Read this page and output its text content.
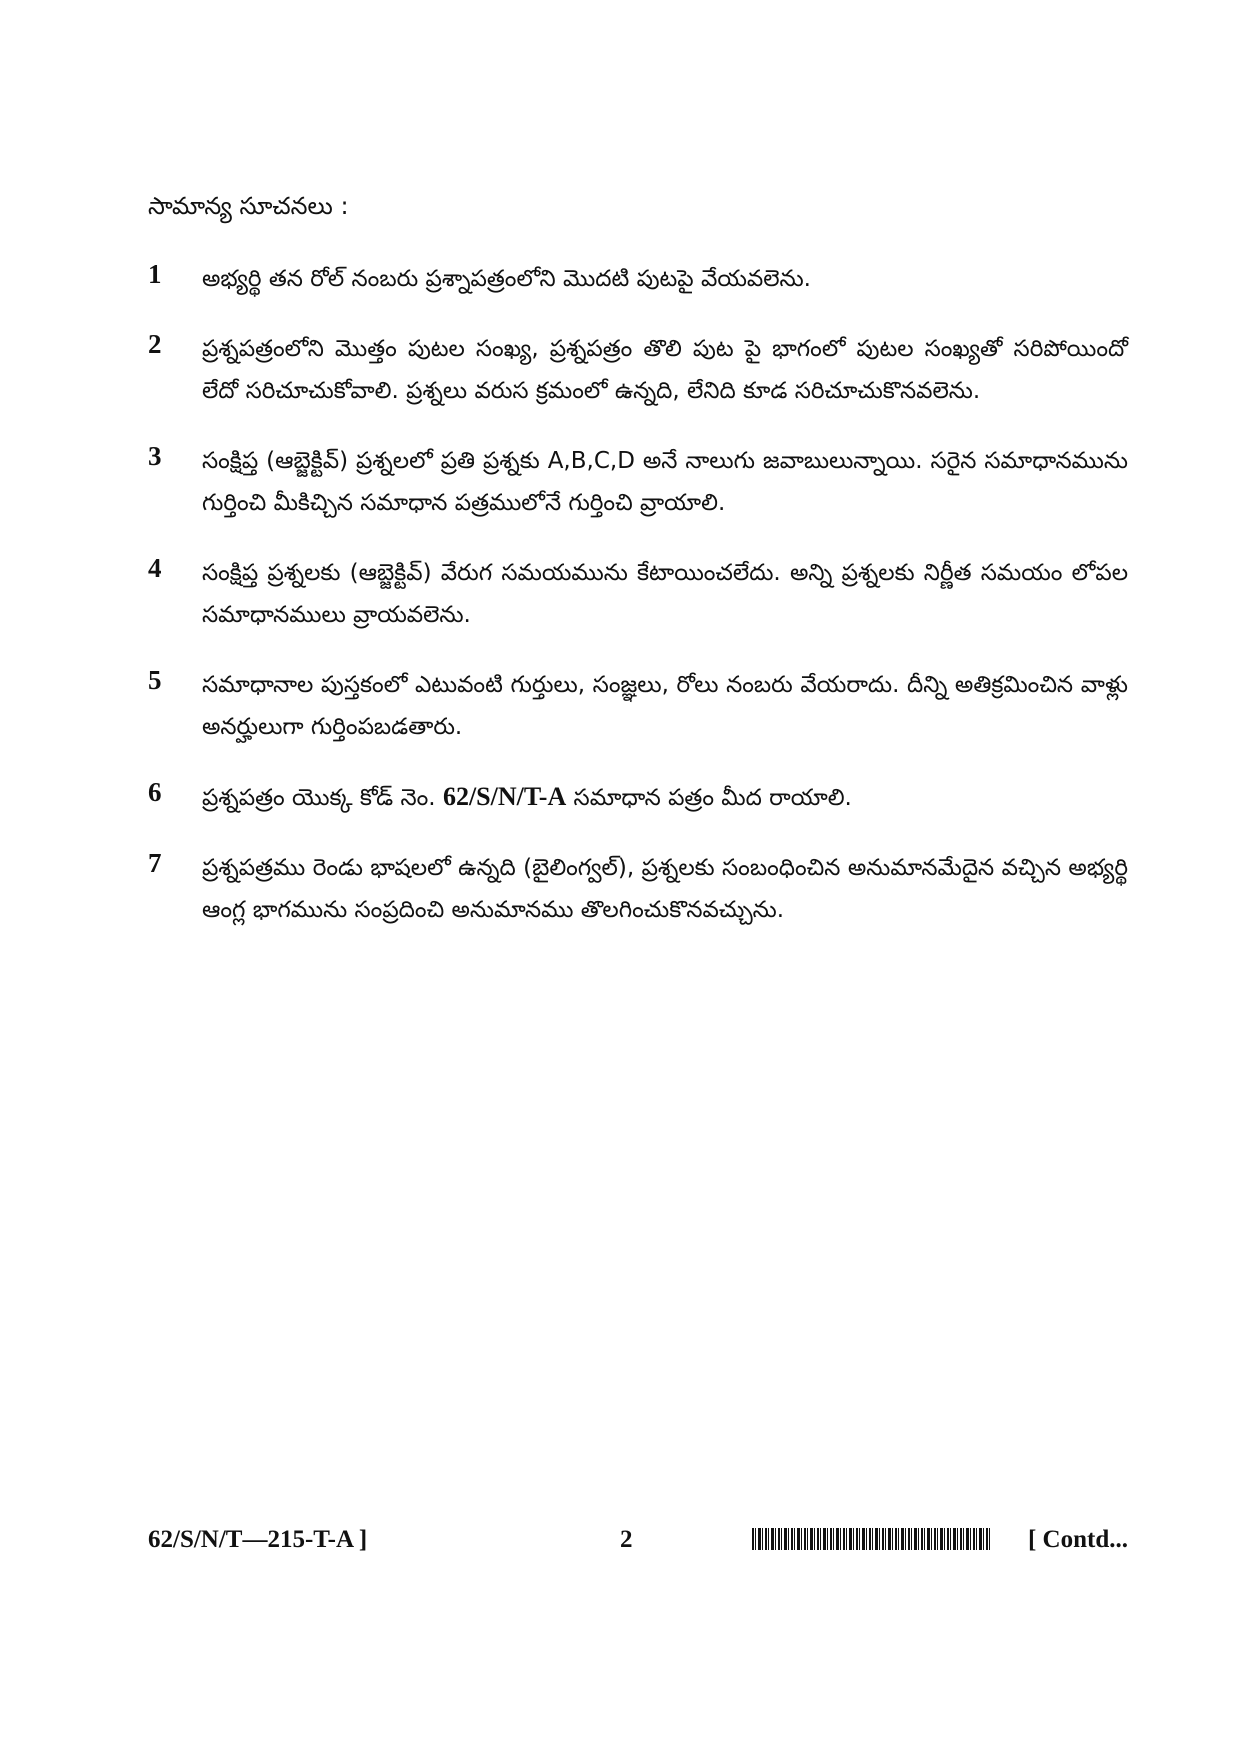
సామాన్య సూచనలు :
1 అభ్యర్థి తన రోల్ నంబరు ప్రశ్నాపత్రంలోని మొదటి పుటపై వేయవలెను.

2 ప్రశ్నపత్రంలోని మొత్తం పుటల సంఖ్య, ప్రశ్నపత్రం తొలి పుట పై భాగంలో పుటల సంఖ్యతో సరిపోయిందో లేదో సరిచూచుకోవాలి. ప్రశ్నలు వరుస క్రమంలో ఉన్నది, లేనిది కూడ సరిచూచుకొనవలెను.

3 సంక్షిప్త (ఆబ్జెక్టివ్) ప్రశ్నలలో ప్రతి ప్రశ్నకు A,B,C,D అనే నాలుగు జవాబులున్నాయి. సరైన సమాధానమును గుర్తించి మీకిచ్చిన సమాధాన పత్రములోనే గుర్తించి వ్రాయాలి.

4 సంక్షిప్త ప్రశ్నలకు (ఆబ్జెక్టివ్) వేరుగ సమయమును కేటాయించలేదు. అన్ని ప్రశ్నలకు నిర్ణీత సమయం లోపల సమాధానములు వ్రాయవలెను.

5 సమాధానాల పుస్తకంలో ఎటువంటి గుర్తులు, సంజ్ఞలు, రోలు నంబరు వేయరాదు. దీన్ని అతిక్రమించిన వాళ్లు అనర్హులుగా గుర్తింపబడతారు.

6 ప్రశ్నపత్రం యొక్క కోడ్ నెం. 62/S/N/T-A సమాధాన పత్రం మీద రాయాలి.

7 ప్రశ్నపత్రము రెండు భాషలలో ఉన్నది (బైలింగ్వల్), ప్రశ్నలకు సంబంధించిన అనుమానమేదైన వచ్చిన అభ్యర్థి ఆంగ్ల భాగమును సంప్రదించి అనుమానము తొలగించుకొనవచ్చును.

62/S/N/T—215-T-A ]	2	[ Contd...
